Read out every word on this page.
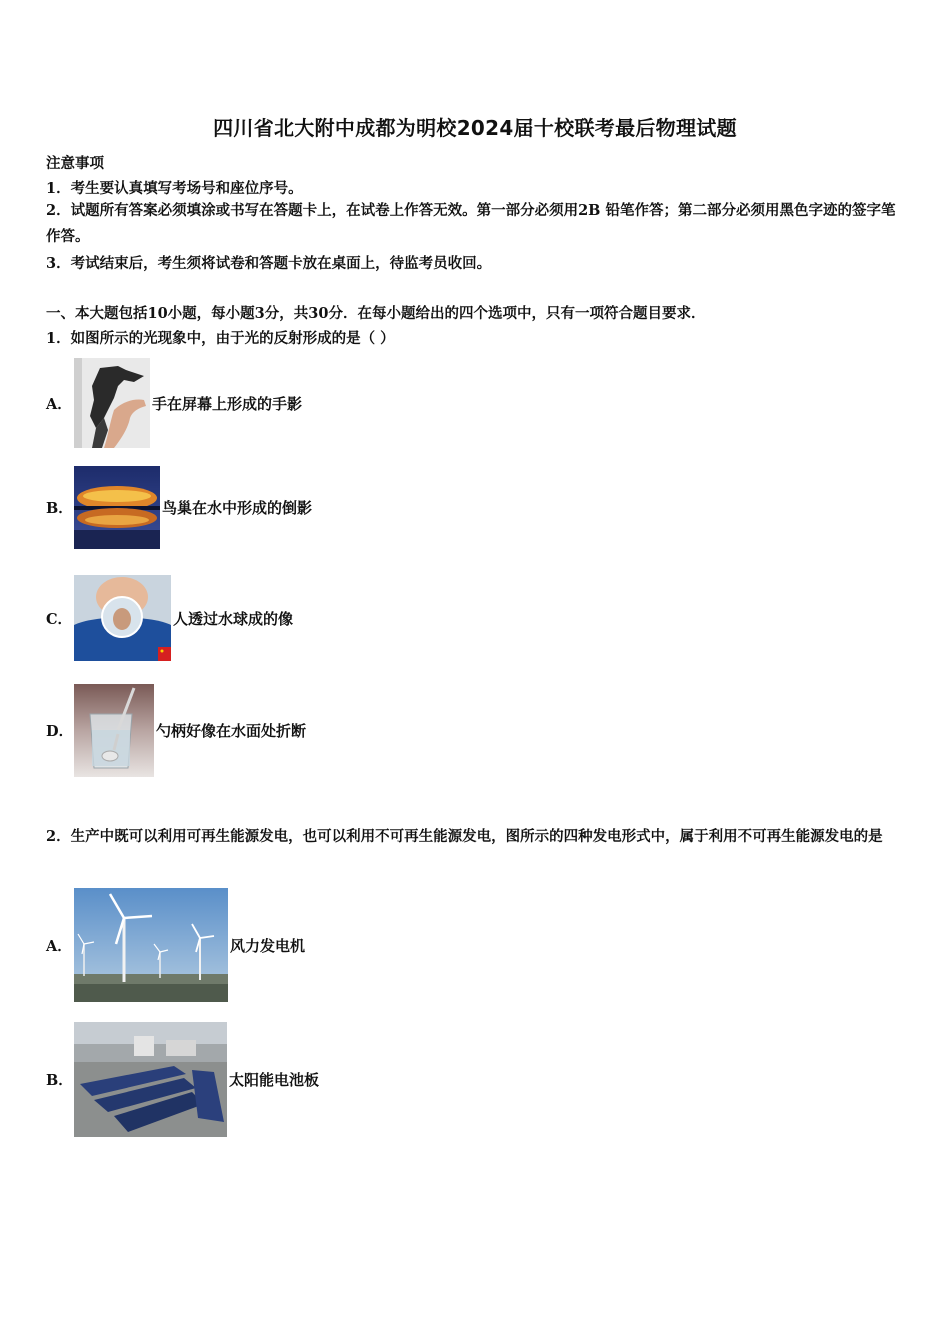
四川省北大附中成都为明校2024届十校联考最后物理试题
注意事项
1．考生要认真填写考场号和座位序号。
2．试题所有答案必须填涂或书写在答题卡上，在试卷上作答无效。第一部分必须用2B 铅笔作答；第二部分必须用黑色字迹的签字笔作答。
3．考试结束后，考生须将试卷和答题卡放在桌面上，待监考员收回。
一、本大题包括10小题，每小题3分，共30分．在每小题给出的四个选项中，只有一项符合题目要求．
1．如图所示的光现象中，由于光的反射形成的是（ ）
A．	手在屏幕上形成的手影
B．	鸟巢在水中形成的倒影
C．	人透过水球成的像
D．	勺柄好像在水面处折断
2．生产中既可以利用可再生能源发电，也可以利用不可再生能源发电，图所示的四种发电形式中，属于利用不可再生能源发电的是
A．	风力发电机
B．	太阳能电池板
